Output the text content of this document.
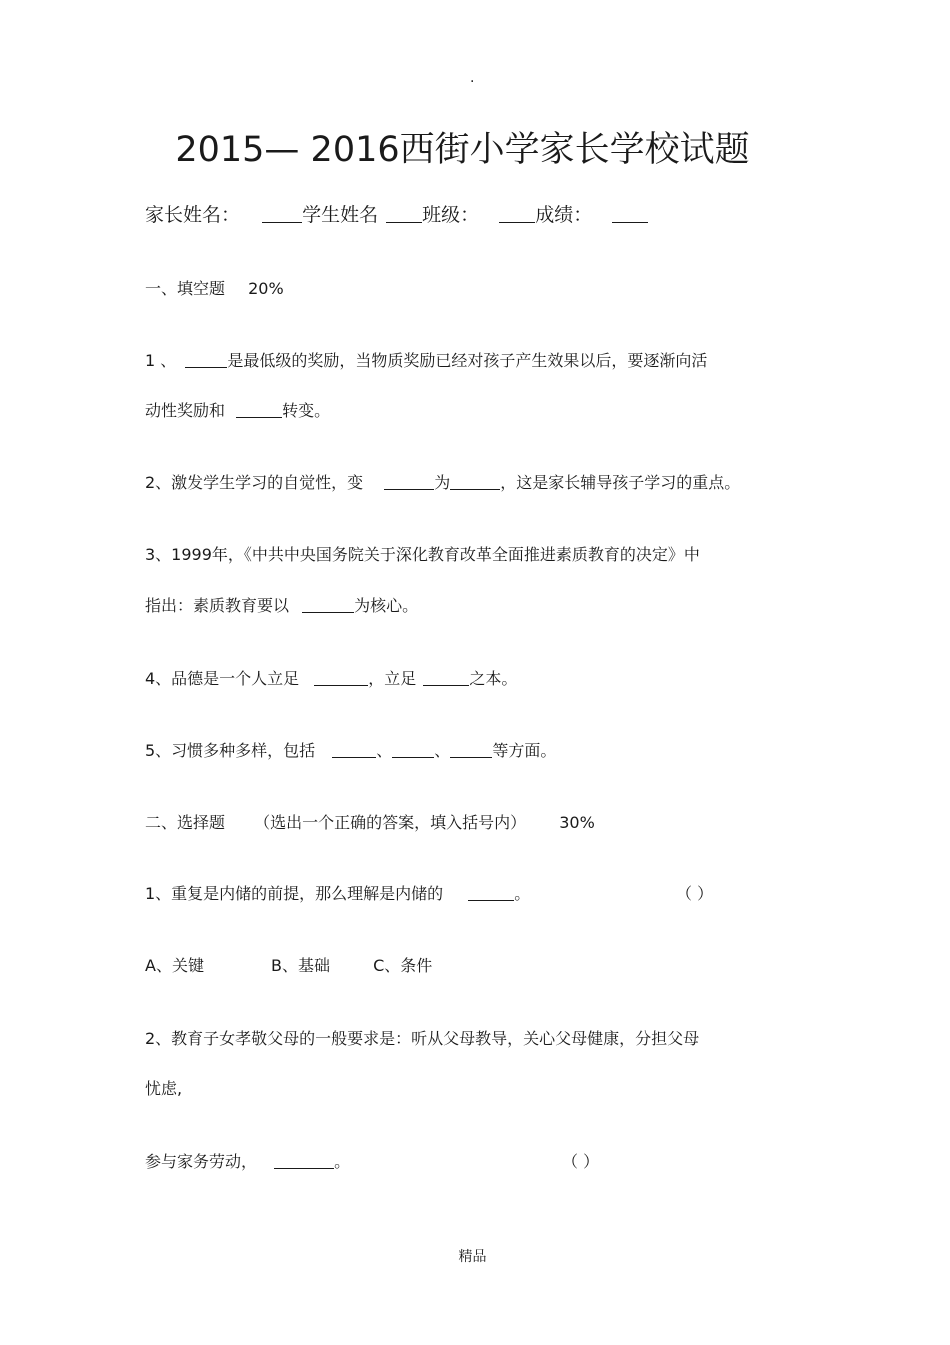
.
2015— 2016西街小学家长学校试题
家长姓名：	学生姓名 班级：	成绩：
一、填空题 20%
1 、	是最低级的奖励，当物质奖励已经对孩子产生效果以后，要逐渐向活
动性奖励和	转变。
2、激发学生学习的自觉性，变	为	，这是家长辅导孩子学习的重点。
3、1999年，《中共中央国务院关于深化教育改革全面推进素质教育的决定》中
指出：素质教育要以	为核心。
4、品德是一个人立足	，立足	之本。
5、习惯多种多样，包括	、	、	等方面。
二、选择题 （选出一个正确的答案，填入括号内） 30%
1、重复是内储的前提，那么理解是内储的	。	（ ）
A、关键	B、基础	C、条件
2、教育子女孝敬父母的一般要求是：听从父母教导，关心父母健康，分担父母
忧虑,
参与家务劳动，	。	（ ）
精品
